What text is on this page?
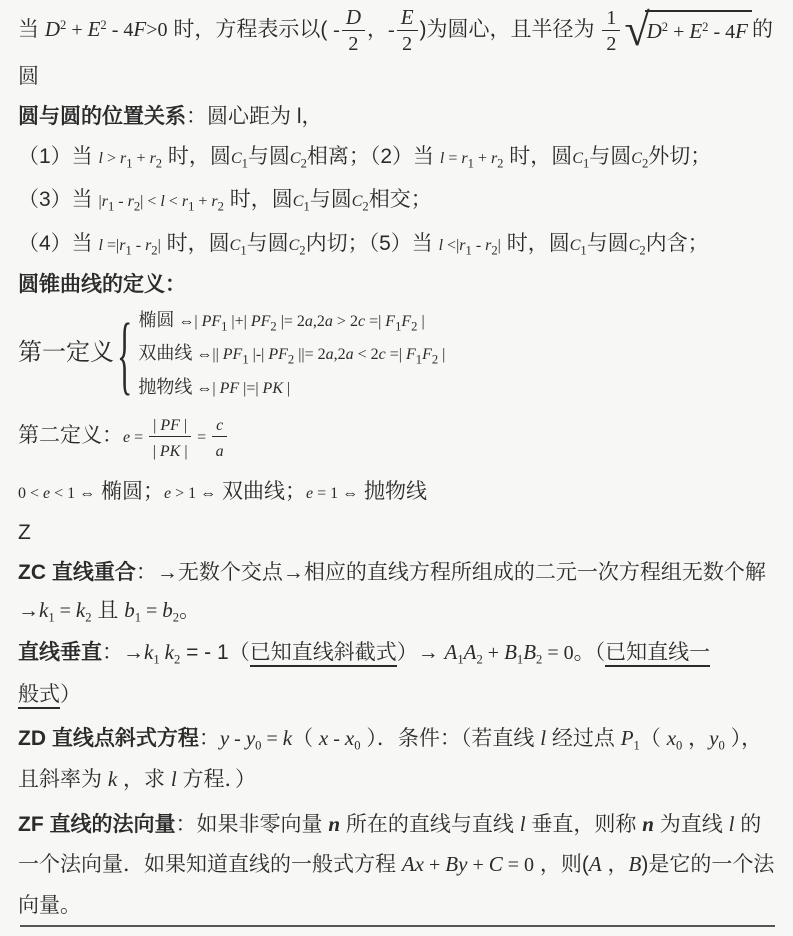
当 $D^2 + E^2 - 4F>0$ 时，方程表示以( - $\frac{D}{2}$ ，- $\frac{E}{2}$ )为圆心，且半径为 $\frac{1}{2}$ √
$D^2 + E^2 - 4F$ 的
圆
圆与圆的位置关系：圆心距为 l，
（1）当 $l > r_1 + r_2$ 时，圆$C_1$与圆$C_2$相离；（2）当 $l = r_1 + r_2$ 时，圆$C_1$与圆$C_2$外切；
（3）当 $|r_1 - r_2| < l < r_1 + r_2$ 时，圆$C_1$与圆$C_2$相交；
（4）当 $l =|r_1 - r_2|$ 时，圆$C_1$与圆$C_2$内切；（5）当 $l <|r_1 - r_2|$ 时，圆$C_1$与圆$C_2$内含；
圆锥曲线的定义：
第一定义 { 椭圆 ⇔| $PF_1$ |+| $PF_2$ |= 2a,2a > 2c =| $F_1F_2$ |
双曲线 ⇔|| $PF_1$ |-| $PF_2$ ||= 2a,2a < 2c =| $F_1F_2$ |
抛物线 ⇔| PF |=| PK |
第二定义：$e = \frac{| PF |}{| PK |} = \frac{c}{a}$
0 < e < 1 ⇔ 椭圆；e > 1 ⇔ 双曲线；e = 1 ⇔ 抛物线
Z
ZC 直线重合：→无数个交点→相应的直线方程所组成的二元一次方程组无数个解
$\to k_1 = k_2$ 且 $b_1 = b_2$。
直线垂直：$\to k_1$ $k_2$ = - 1（已知直线斜截式）→ $A_1A_2 + B_1B_2 = 0$。（已知直线一
般式）
ZD 直线点斜式方程：$y - y_0 = k$（ x - $x_0$ ）．条件：（若直线 l 经过点 $P_1$（ $x_0$ ，$y_0$ ），
且斜率为 k ，求 l 方程．）
ZF 直线的法向量：如果非零向量 n 所在的直线与直线 l 垂直，则称 n 为直线 l 的
一个法向量．如果知道直线的一般式方程 Ax + By + C = 0 ，则(A ，B)是它的一个法
向量。
